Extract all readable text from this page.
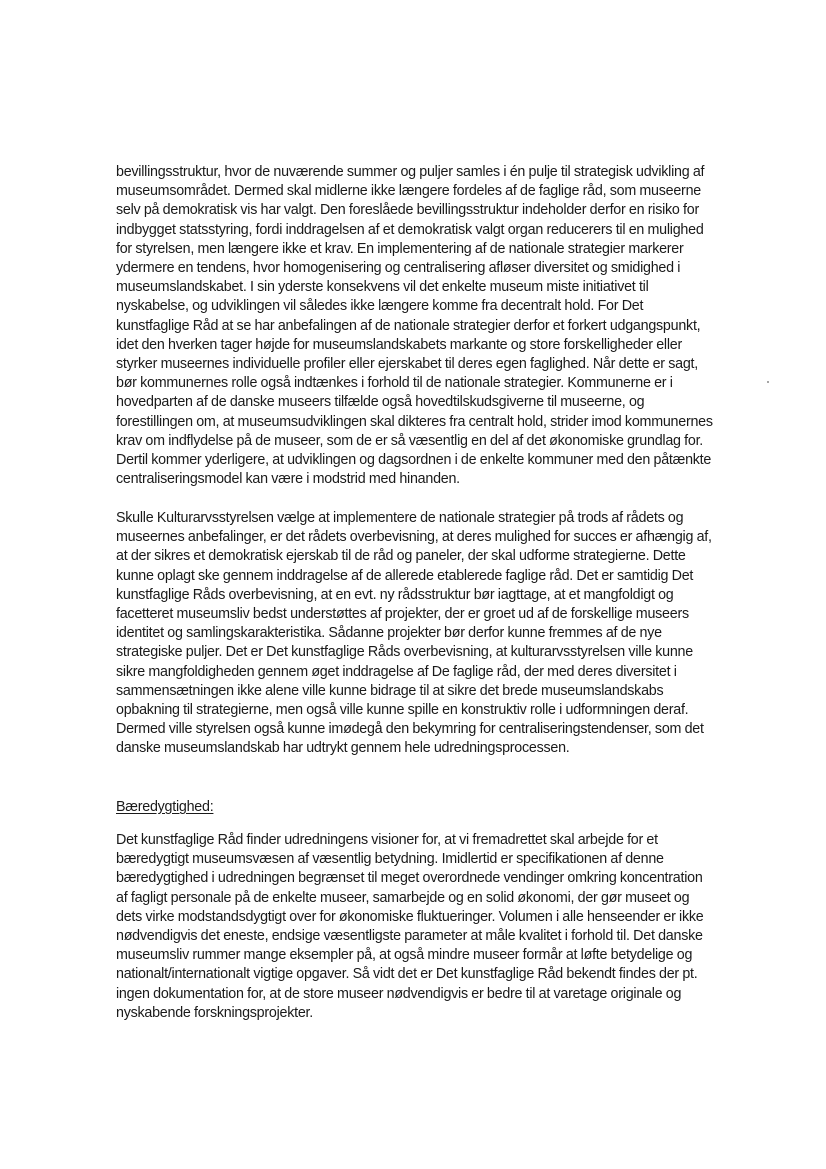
bevillingsstruktur, hvor de nuværende summer og puljer samles i én pulje til strategisk udvikling af
museumsområdet. Dermed skal midlerne ikke længere fordeles af de faglige råd, som museerne
selv på demokratisk vis har valgt. Den foreslåede bevillingsstruktur indeholder derfor en risiko for
indbygget statsstyring, fordi inddragelsen af et demokratisk valgt organ reducerers til en mulighed
for styrelsen, men længere ikke et krav. En implementering af de nationale strategier markerer
ydermere en tendens, hvor homogenisering og centralisering afløser diversitet og smidighed i
museumslandskabet. I sin yderste konsekvens vil det enkelte museum miste initiativet til
nyskabelse, og udviklingen vil således ikke længere komme fra decentralt hold. For Det
kunstfaglige Råd at se har anbefalingen af de nationale strategier derfor et forkert udgangspunkt,
idet den hverken tager højde for museumslandskabets markante og store forskelligheder eller
styrker museernes individuelle profiler eller ejerskabet til deres egen faglighed. Når dette er sagt,
bør kommunernes rolle også indtænkes i forhold til de nationale strategier. Kommunerne er i
hovedparten af de danske museers tilfælde også hovedtilskudsgiverne til museerne, og
forestillingen om, at museumsudviklingen skal dikteres fra centralt hold, strider imod kommunernes
krav om indflydelse på de museer, som de er så væsentlig en del af det økonomiske grundlag for.
Dertil kommer yderligere, at udviklingen og dagsordnen i de enkelte kommuner med den påtænkte
centraliseringsmodel kan være i modstrid med hinanden.
Skulle Kulturarvsstyrelsen vælge at implementere de nationale strategier på trods af rådets og
museernes anbefalinger, er det rådets overbevisning, at deres mulighed for succes er afhængig af,
at der sikres et demokratisk ejerskab til de råd og paneler, der skal udforme strategierne. Dette
kunne oplagt ske gennem inddragelse af de allerede etablerede faglige råd. Det er samtidig Det
kunstfaglige Råds overbevisning, at en evt. ny rådsstruktur bør iagttage, at et mangfoldigt og
facetteret museumsliv bedst understøttes af projekter, der er groet ud af de forskellige museers
identitet og samlingskarakteristika. Sådanne projekter bør derfor kunne fremmes af de nye
strategiske puljer. Det er Det kunstfaglige Råds overbevisning, at kulturarvsstyrelsen ville kunne
sikre mangfoldigheden gennem øget inddragelse af De faglige råd, der med deres diversitet i
sammensætningen ikke alene ville kunne bidrage til at sikre det brede museumslandskabs
opbakning til strategierne, men også ville kunne spille en konstruktiv rolle i udformningen deraf.
Dermed ville styrelsen også kunne imødegå den bekymring for centraliseringstendenser, som det
danske museumslandskab har udtrykt gennem hele udredningsprocessen.
Bæredygtighed:
Det kunstfaglige Råd finder udredningens visioner for, at vi fremadrettet skal arbejde for et
bæredygtigt museumsvæsen af væsentlig betydning. Imidlertid er specifikationen af denne
bæredygtighed i udredningen begrænset til meget overordnede vendinger omkring koncentration
af fagligt personale på de enkelte museer, samarbejde og en solid økonomi, der gør museet og
dets virke modstandsdygtigt over for økonomiske fluktueringer. Volumen i alle henseender er ikke
nødvendigvis det eneste, endsige væsentligste parameter at måle kvalitet i forhold til. Det danske
museumsliv rummer mange eksempler på, at også mindre museer formår at løfte betydelige og
nationalt/internationalt vigtige opgaver. Så vidt det er Det kunstfaglige Råd bekendt findes der pt.
ingen dokumentation for, at de store museer nødvendigvis er bedre til at varetage originale og
nyskabende forskningsprojekter.
